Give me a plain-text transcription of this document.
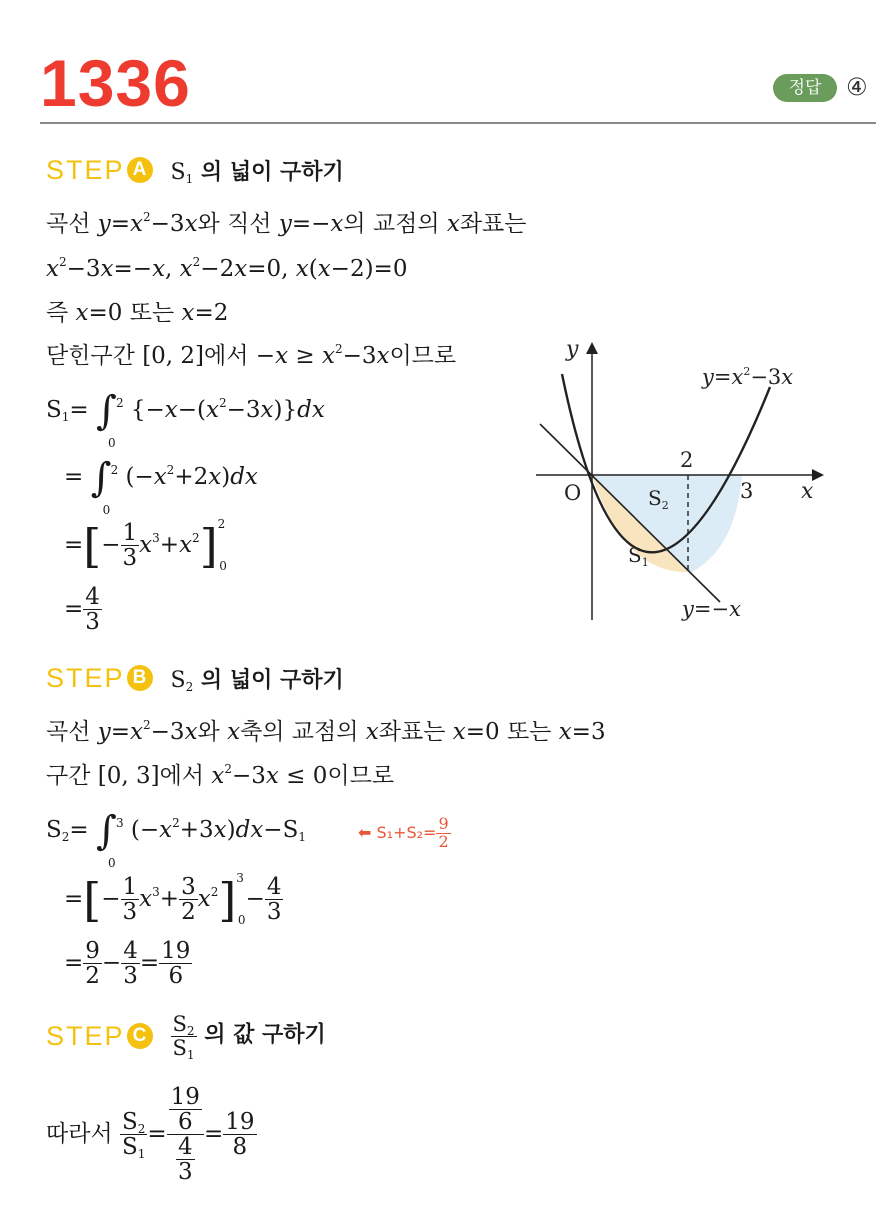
1336	정답	④
STEP A $S_1$ 의 넓이 구하기
곡선 $y=x^2-3x$와 직선 y=−x의 교점의 x좌표는
$x^2-3x=-x$, $x^2-2x=0$, x(x−2)=0
즉 x=0 또는 x=2
닫힌구간 [0, 2]에서 $-x \ge x^2-3x$이므로
$S_1=$ ∫ 2
0
$\{-x-(x^2-3x)\}dx$
= ∫ 2
0
$(-x^2+2x)dx$
=[− $\frac{1}{3} x^3+x^2]^2_0$
= $\frac{4}{3}$
y
x
O
2
3
$S_2$
$S_1$
$y=x^2-3x$
y=−x
STEP B $S_2$ 의 넓이 구하기
곡선 $y=x^2-3x$와 x축의 교점의 x좌표는 x=0 또는 x=3
구간 [0, 3]에서 $x^2-3x \le 0$이므로
$S_2=$ ∫ 3
0
$(-x^2+3x)dx-S_1$	⬅ $S_1+S_2= \frac{9}{2}$
=[− $\frac{1}{3} x^3+ \frac{3}{2} x^2]^3_0- \frac{4}{3}$
= $\frac{9}{2} - \frac{4}{3} = \frac{19}{6}$
STEP C $\frac{S_2}{S_1}$ 의 값 구하기
따라서 $\frac{S_2}{S_1} = \frac{\frac{19}{6}}{\frac{4}{3}} = \frac{19}{8}$
